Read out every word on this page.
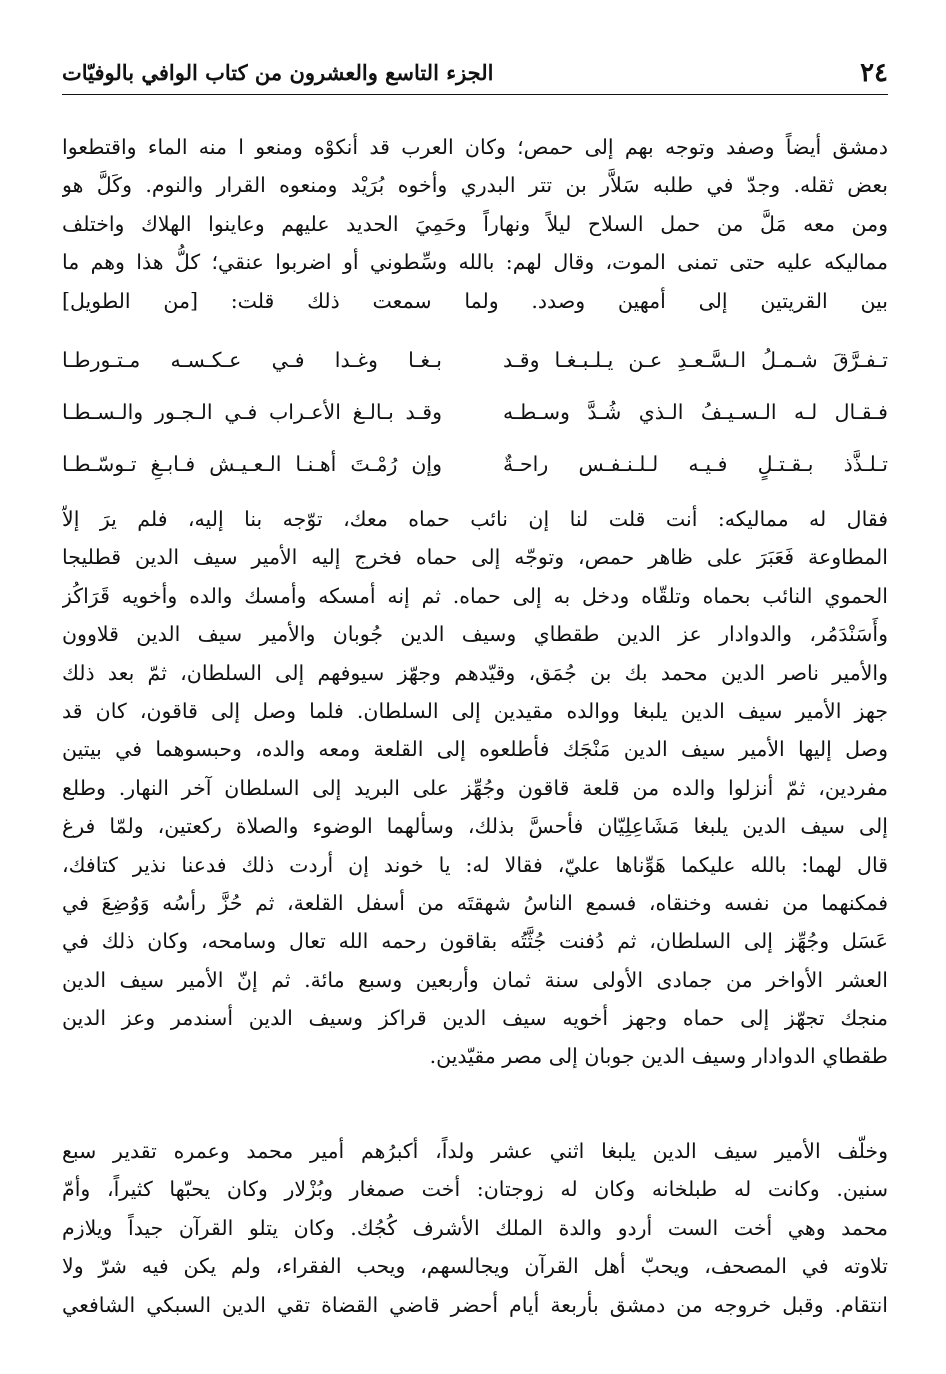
٢٤
الجزء التاسع والعشرون من كتاب الوافي بالوفيّات
دمشق أيضاً وصفد وتوجه بهم إلى حمص؛ وكان العرب قد أنكوْه ومنعو ا منه الماء واقتطعوا
بعض ثقله. وجدّ في طلبه سَلاَّر بن تتر البدري وأخوه بُرَيْد ومنعوه القرار والنوم. وكَلَّ هو
ومن معه مَلَّ من حمل السلاح ليلاً ونهاراً وحَمِيَ الحديد عليهم وعاينوا الهلاك واختلف
مماليكه عليه حتى تمنى الموت، وقال لهم: بالله وسِّطوني أو اضربوا عنقي؛ كلُّ هذا وهم ما
بين القريتين إلى أمهين وصدد. ولما سمعت ذلك قلت: [من الطويل]
تـفـرَّقَ شـمـلُ الـسَّـعـدِ عـن يـلـبـغـا وقـد
بـغـا وغـدا فـي عـكـسـه مـتـورطـا
فـقـال لـه الـسـيـفُ الـذي شُـدَّ وسـطـه
وقـد بـالـغ الأعـراب فـي الـجـور والـسـطـا
تـلـذَّذ بـقـتـلٍ فـيـه لـلـنـفـس راحـةٌ
وإن رُمْـتَ أهـنـا الـعـيـش فـابـغِ تـوسّـطـا
فقال له مماليكه: أنت قلت لنا إن نائب حماه معك، توّجه بنا إليه، فلم يرَ إلاّ
المطاوعة فَعَبَرَ على ظاهر حمص، وتوجّه إلى حماه فخرج إليه الأمير سيف الدين قطليجا
الحموي النائب بحماه وتلقّاه ودخل به إلى حماه. ثم إنه أمسكه وأمسك والده وأخويه قَرَاكُز
وأَسَنْدَمُر، والدوادار عز الدين طقطاي وسيف الدين جُوبان والأمير سيف الدين قلاوون
والأمير ناصر الدين محمد بك بن جُمَق، وقيّدهم وجهّز سيوفهم إلى السلطان، ثمّ بعد ذلك
جهز الأمير سيف الدين يلبغا ووالده مقيدين إلى السلطان. فلما وصل إلى قاقون، كان قد
وصل إليها الأمير سيف الدين مَنْجَك فأطلعوه إلى القلعة ومعه والده، وحبسوهما في بيتين
مفردين، ثمّ أنزلوا والده من قلعة قاقون وجُهِّز على البريد إلى السلطان آخر النهار. وطلع
إلى سيف الدين يلبغا مَشَاعِلِيّان فأحسَّ بذلك، وسألهما الوضوء والصلاة ركعتين، ولمّا فرغ
قال لهما: بالله عليكما هَوِّناها عليّ، فقالا له: يا خوند إن أردت ذلك فدعنا نذير كتافك،
فمكنهما من نفسه وخنقاه، فسمع الناسُ شهقتَه من أسفل القلعة، ثم حُزَّ رأسُه وَوُضِعَ في
عَسَل وجُهِّز إلى السلطان، ثم دُفنت جُثَّتُه بقاقون رحمه الله تعال وسامحه، وكان ذلك في
العشر الأواخر من جمادى الأولى سنة ثمان وأربعين وسبع مائة. ثم إنّ الأمير سيف الدين
منجك تجهّز إلى حماه وجهز أخويه سيف الدين قراكز وسيف الدين أسندمر وعز الدين
طقطاي الدوادار وسيف الدين جوبان إلى مصر مقيّدين.
وخلّف الأمير سيف الدين يلبغا اثني عشر ولداً، أكبرُهم أمير محمد وعمره تقدير سبع
سنين. وكانت له طبلخانه وكان له زوجتان: أخت صمغار وبُزْلار وكان يحبّها كثيراً، وأمّ
محمد وهي أخت الست أردو والدة الملك الأشرف كُجُك. وكان يتلو القرآن جيداً ويلازم
تلاوته في المصحف، ويحبّ أهل القرآن ويجالسهم، ويحب الفقراء، ولم يكن فيه شرّ ولا
انتقام. وقبل خروجه من دمشق بأربعة أيام أحضر قاضي القضاة تقي الدين السبكي الشافعي
